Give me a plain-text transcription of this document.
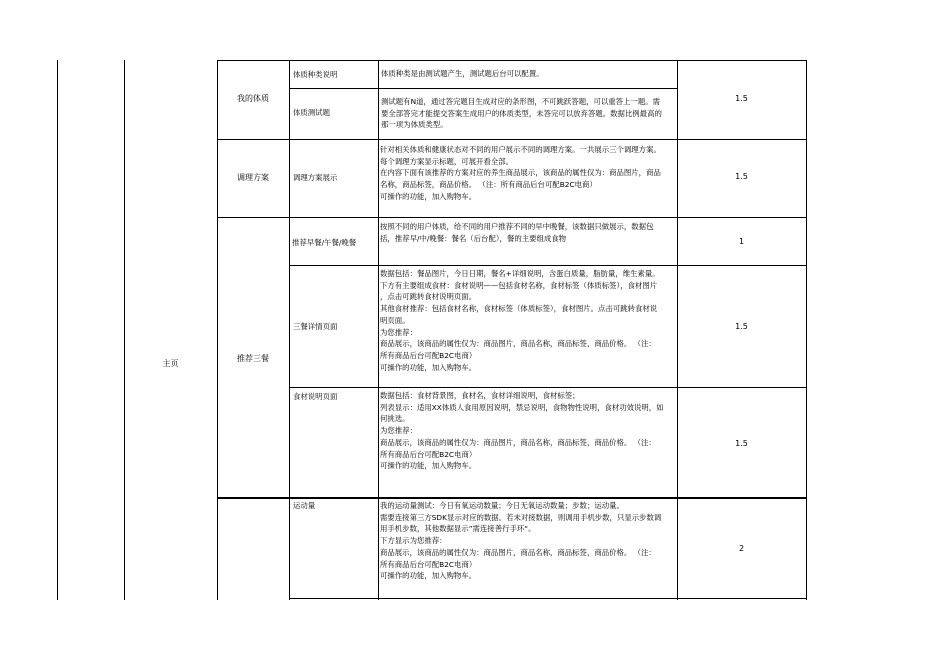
主页
我的体质
调理方案
推荐三餐
体质种类说明
体质测试题
调理方案展示
推荐早餐/午餐/晚餐
三餐详情页面
食材说明页面
运动量
体质种类是由测试题产生，测试题后台可以配置。
测试题有N道，通过答完题目生成对应的条形图，不可跳跃答题，可以重答上一题。需
要全部答完才能提交答案生成用户的体质类型，未答完可以放弃答题。数据比例最高的
那一项为体质类型。
针对相关体质和健康状态对不同的用户展示不同的调理方案。一共展示三个调理方案。
每个调理方案显示标题，可展开看全部。
在内容下面有该推荐的方案对应的养生商品展示，该商品的属性仅为：商品图片，商品
名称，商品标签，商品价格。 （注：所有商品后台可配B2C电商）
可操作的功能，加入购物车。
按照不同的用户体质，给不同的用户推荐不同的早中晚餐，该数据只做展示，数据包
括，推荐早/中/晚餐：餐名（后台配），餐的主要组成食物
数据包括：餐品图片，今日日期，餐名+详细说明，含蛋白质量，脂肪量，维生素量。
下方有主要组成食材：食材说明——包括食材名称，食材标签（体质标签），食材图片
，点击可跳转食材说明页面。
其他食材推荐：包括食材名称，食材标签（体质标签），食材图片。点击可跳转食材说
明页面。
为您推荐：
商品展示，该商品的属性仅为：商品图片，商品名称，商品标签，商品价格。 （注：
所有商品后台可配B2C电商）
可操作的功能，加入购物车。
数据包括：食材背景图，食材名，食材详细说明，食材标签；
列表显示：适用XX体质人食用原因说明，禁忌说明，食物物性说明，食材功效说明，如
何挑选。
为您推荐：
商品展示，该商品的属性仅为：商品图片，商品名称，商品标签，商品价格。 （注：
所有商品后台可配B2C电商）
可操作的功能，加入购物车。
我的运动量测试：今日有氧运动数量；今日无氧运动数量；步数；运动量。
需要连接第三方SDK显示对应的数据。若未对接数据，则调用手机步数，只显示步数调
用手机步数，其他数据显示”需连接善行手环“。
下方显示为您推荐：
商品展示，该商品的属性仅为：商品图片，商品名称，商品标签，商品价格。 （注：
所有商品后台可配B2C电商）
可操作的功能，加入购物车。
1.5
1.5
1
1.5
1.5
2
